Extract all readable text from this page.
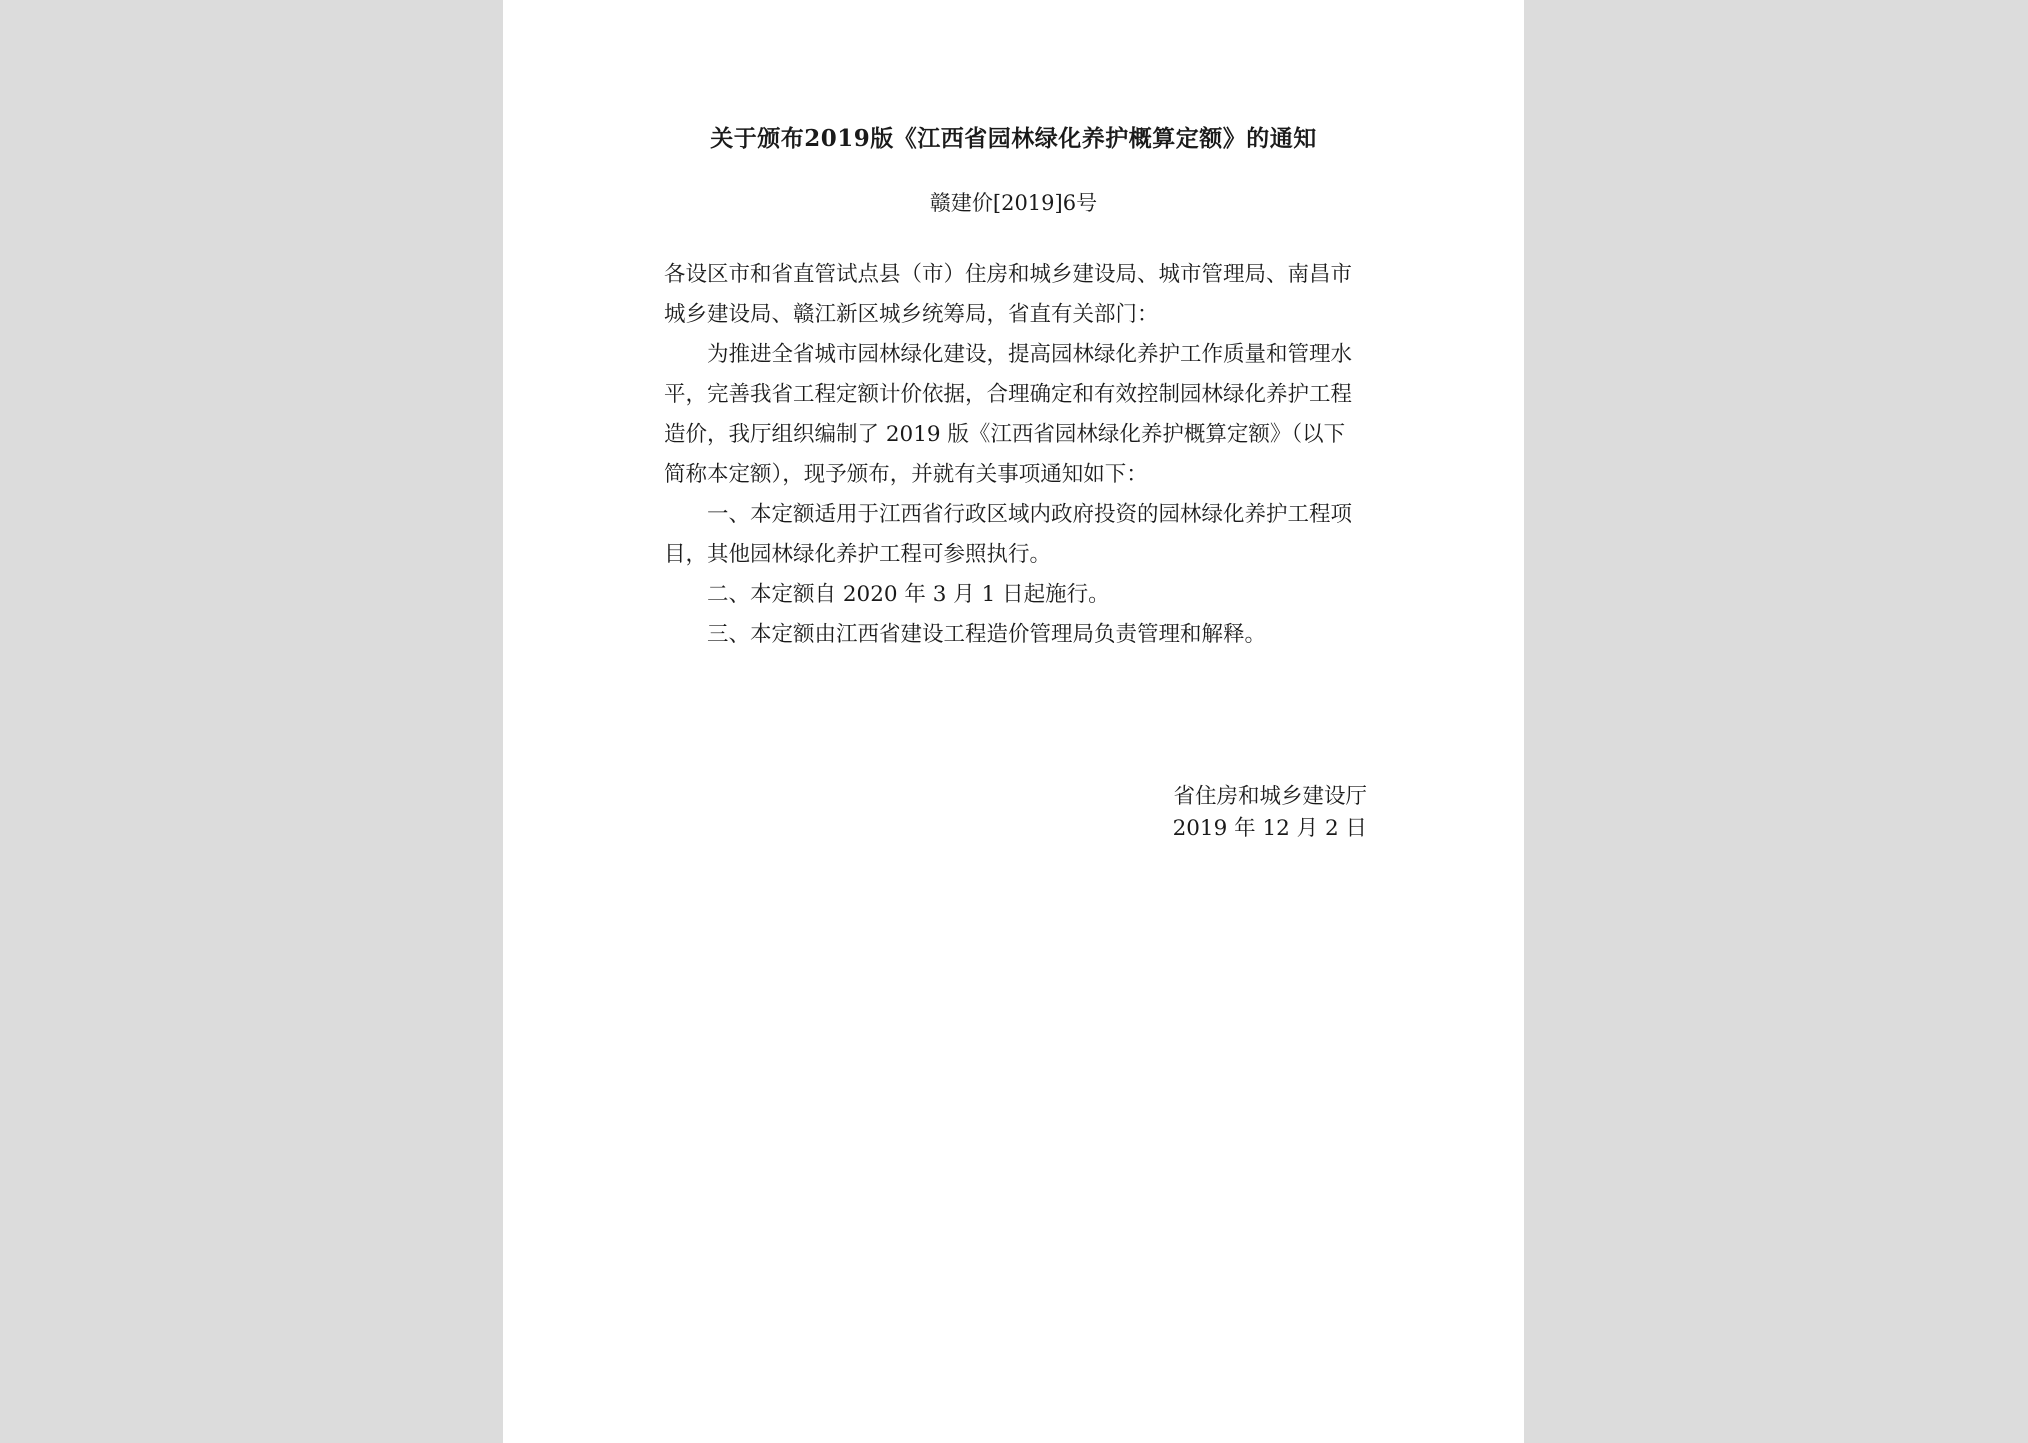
关于颁布2019版《江西省园林绿化养护概算定额》的通知
赣建价[2019]6号

各设区市和省直管试点县（市）住房和城乡建设局、城市管理局、南昌市城乡建设局、赣江新区城乡统筹局，省直有关部门：

为推进全省城市园林绿化建设，提高园林绿化养护工作质量和管理水平，完善我省工程定额计价依据，合理确定和有效控制园林绿化养护工程造价，我厅组织编制了 2019 版《江西省园林绿化养护概算定额》（以下简称本定额），现予颁布，并就有关事项通知如下：

一、本定额适用于江西省行政区域内政府投资的园林绿化养护工程项目，其他园林绿化养护工程可参照执行。

二、本定额自 2020 年 3 月 1 日起施行。

三、本定额由江西省建设工程造价管理局负责管理和解释。

省住房和城乡建设厅
2019 年 12 月 2 日
